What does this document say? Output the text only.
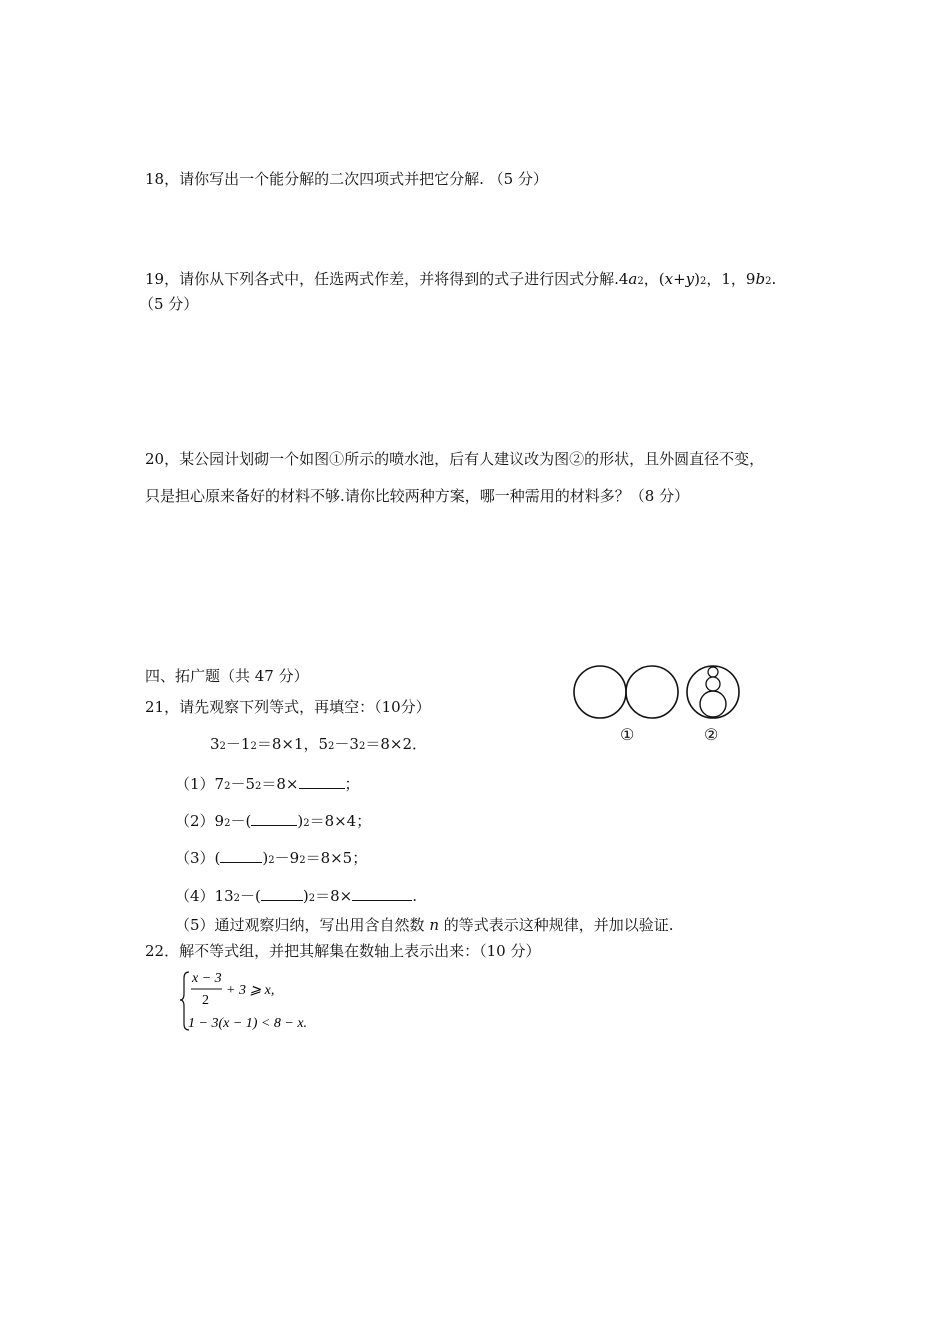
18，请你写出一个能分解的二次四项式并把它分解. （5 分）
19，请你从下列各式中，任选两式作差，并将得到的式子进行因式分解.4a2，(x+y)2，1，9b2.
（5 分）
20，某公园计划砌一个如图①所示的喷水池，后有人建议改为图②的形状，且外圆直径不变，
只是担心原来备好的材料不够.请你比较两种方案，哪一种需用的材料多？（8 分）
四、拓广题（共 47 分）
①	②
21，请先观察下列等式，再填空：（10分）
32－12＝8×1，52－32＝8×2．
（1）72－52＝8×	；
（2）92－(	)2＝8×4；
（3）(	)2－92＝8×5；
（4）132－(	)2＝8×	.
（5）通过观察归纳，写出用含自然数 n 的等式表示这种规律，并加以验证.
22．解不等式组，并把其解集在数轴上表示出来：（10 分）
x − 3
2
+ 3 ⩾ x,
1 − 3(x − 1) < 8 − x.
